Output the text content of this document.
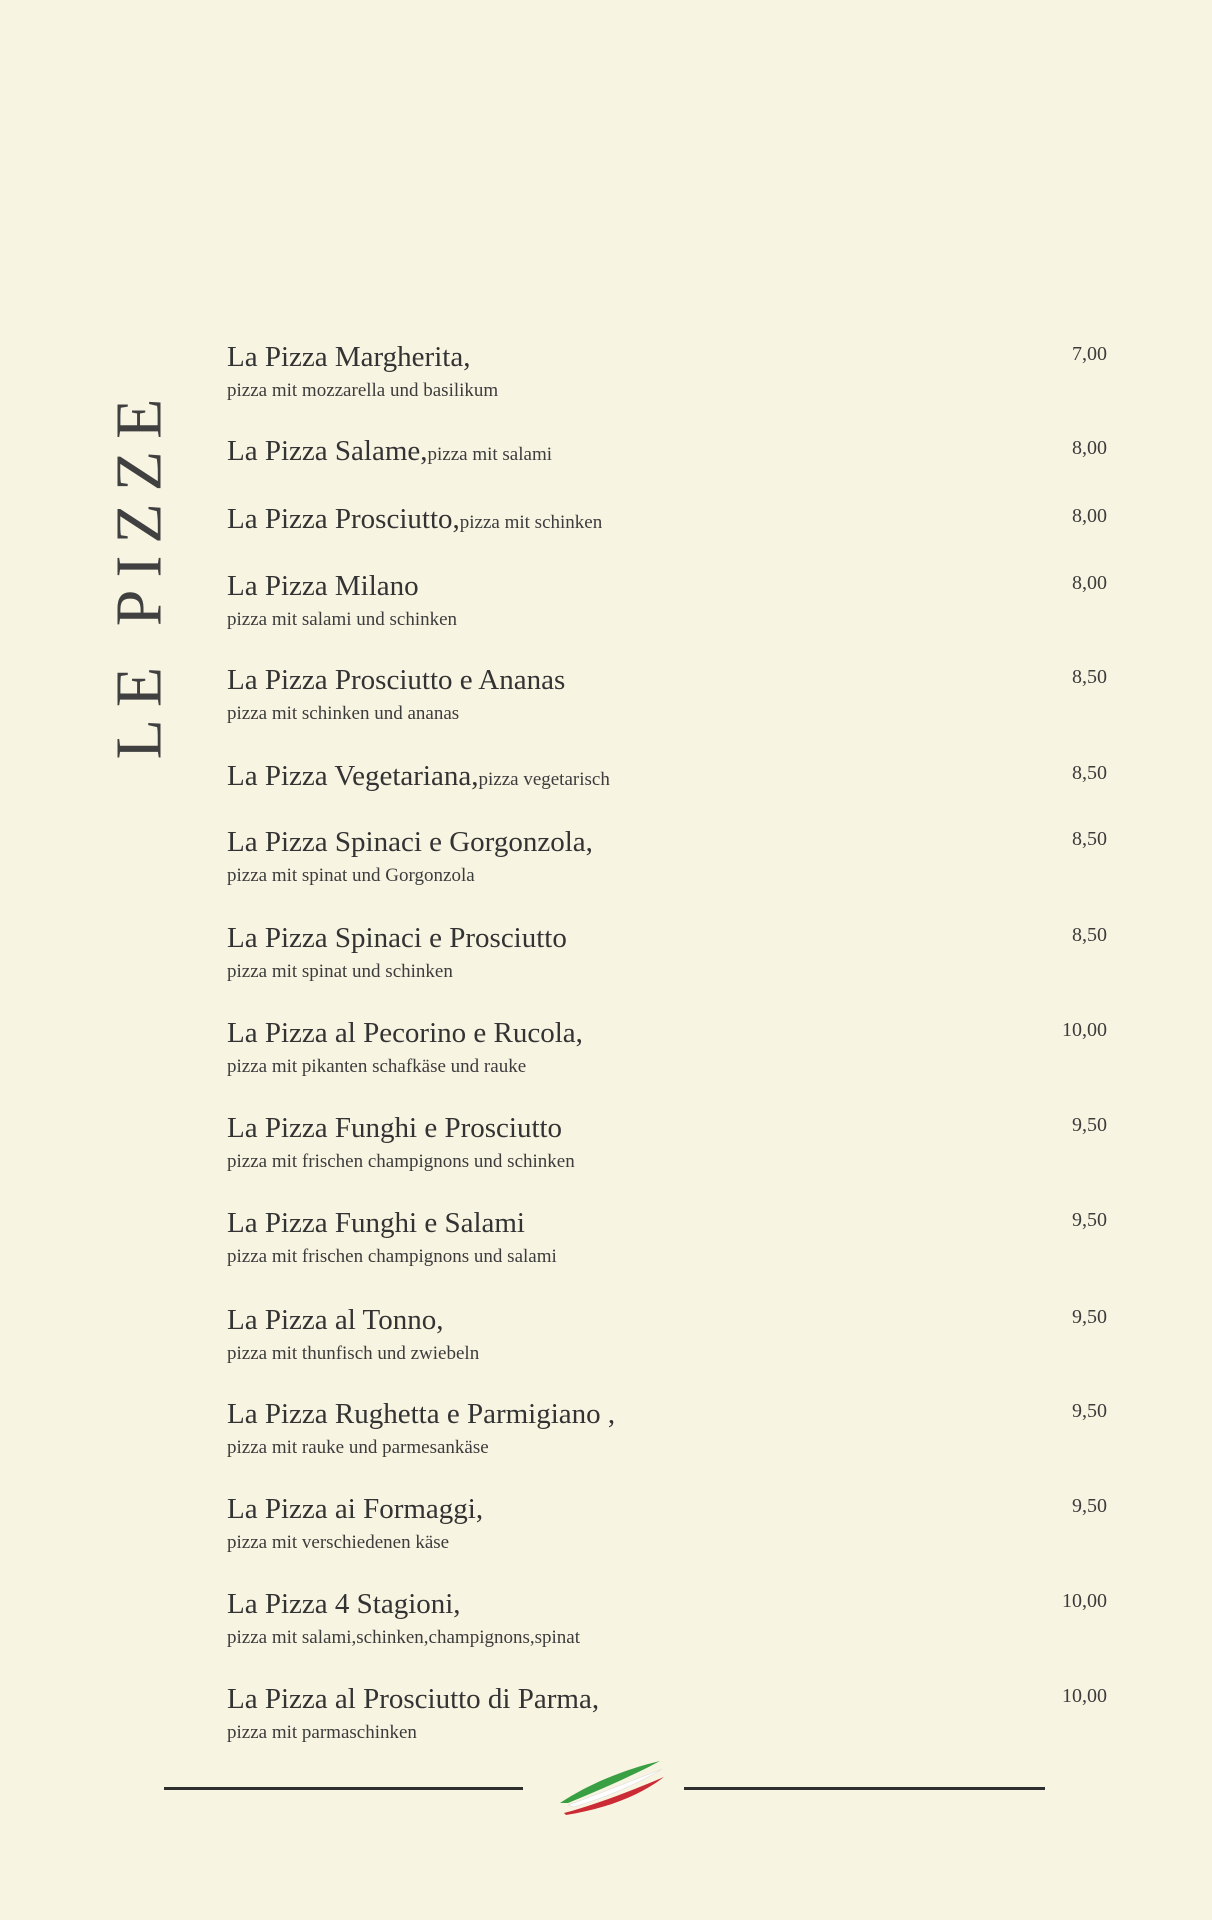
LE PIZZE
La Pizza Margherita,
pizza mit mozzarella und basilikum
7,00
La Pizza Salame,pizza mit salami	8,00
La Pizza Prosciutto,pizza mit schinken	8,00
La Pizza Milano
pizza mit salami und schinken
8,00
La Pizza Prosciutto e Ananas
pizza mit schinken und ananas
8,50
La Pizza Vegetariana,pizza vegetarisch	8,50
La Pizza Spinaci e Gorgonzola,
pizza mit spinat und Gorgonzola
8,50
La Pizza Spinaci e Prosciutto
pizza mit spinat und schinken
8,50
La Pizza al Pecorino e Rucola,
pizza mit pikanten schafkäse und rauke
10,00
La Pizza Funghi e Prosciutto
pizza mit frischen champignons und schinken
9,50
La Pizza Funghi e Salami
pizza mit frischen champignons und salami
9,50
La Pizza al Tonno,
pizza mit thunfisch und zwiebeln
9,50
La Pizza Rughetta e Parmigiano ,
pizza mit rauke und parmesankäse
9,50
La Pizza ai Formaggi,
pizza mit verschiedenen käse
9,50
La Pizza 4 Stagioni,
pizza mit salami,schinken,champignons,spinat
10,00
La Pizza al Prosciutto di Parma,
pizza mit parmaschinken
10,00
